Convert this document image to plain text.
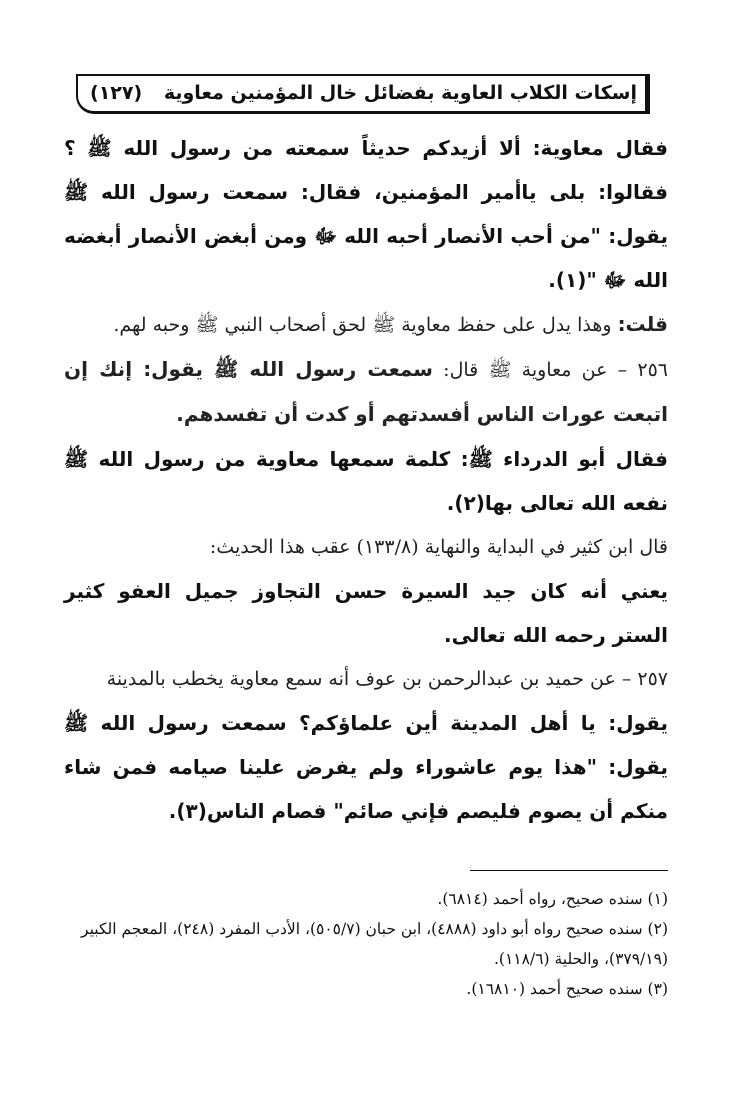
إسكات الكلاب العاوية بفضائل خال المؤمنين معاوية
(١٢٧)

فقال معاوية: ألا أزيدكم حديثاً سمعته من رسول الله ﷺ ؟ فقالوا: بلى ياأمير المؤمنين، فقال: سمعت رسول الله ﷺ يقول: "من أحب الأنصار أحبه الله ﷻ ومن أبغض الأنصار أبغضه الله ﷻ "(١).

قلت: وهذا يدل على حفظ معاوية ﷺ لحق أصحاب النبي ﷺ وحبه لهم.

٢٥٦ – عن معاوية ﷺ قال: سمعت رسول الله ﷺ يقول: إنك إن اتبعت عورات الناس أفسدتهم أو كدت أن تفسدهم.

فقال أبو الدرداء ﷺ: كلمة سمعها معاوية من رسول الله ﷺ نفعه الله تعالى بها(٢).

قال ابن كثير في البداية والنهاية (١٣٣/٨) عقب هذا الحديث:

يعني أنه كان جيد السيرة حسن التجاوز جميل العفو كثير الستر رحمه الله تعالى.

٢٥٧ – عن حميد بن عبدالرحمن بن عوف أنه سمع معاوية يخطب بالمدينة

يقول: يا أهل المدينة أين علماؤكم؟ سمعت رسول الله ﷺ يقول: "هذا يوم عاشوراء ولم يفرض علينا صيامه فمن شاء منكم أن يصوم فليصم فإني صائم" فصام الناس(٣).

(١) سنده صحيح، رواه أحمد (٦٨١٤).

(٢) سنده صحيح رواه أبو داود (٤٨٨٨)، ابن حبان (٥٠٥/٧)، الأدب المفرد (٢٤٨)، المعجم الكبير (٣٧٩/١٩)، والحلية (١١٨/٦).

(٣) سنده صحيح أحمد (١٦٨١٠).
